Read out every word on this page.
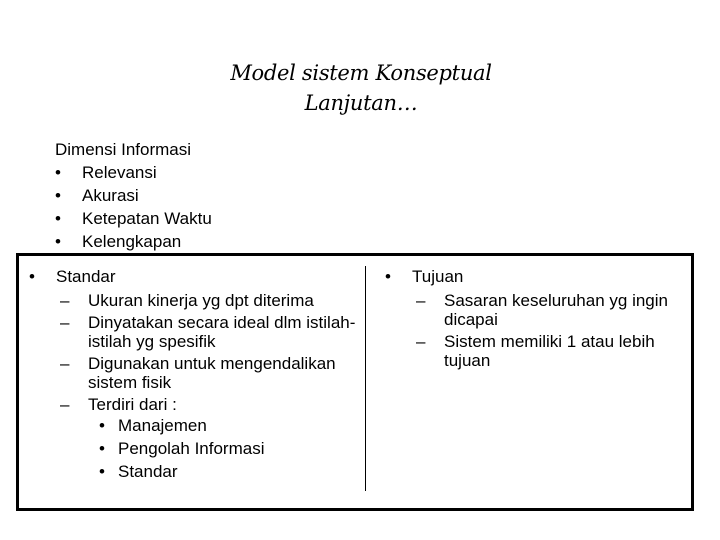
Model sistem Konseptual
Lanjutan…
Dimensi Informasi
• Relevansi
• Akurasi
• Ketepatan Waktu
• Kelengkapan
• Standar
– Ukuran kinerja yg dpt diterima
– Dinyatakan secara ideal dlm istilah-istilah yg spesifik
– Digunakan untuk mengendalikan sistem fisik
– Terdiri dari :
• Manajemen
• Pengolah Informasi
• Standar
• Tujuan
– Sasaran keseluruhan yg ingin dicapai
– Sistem memiliki 1 atau lebih tujuan
